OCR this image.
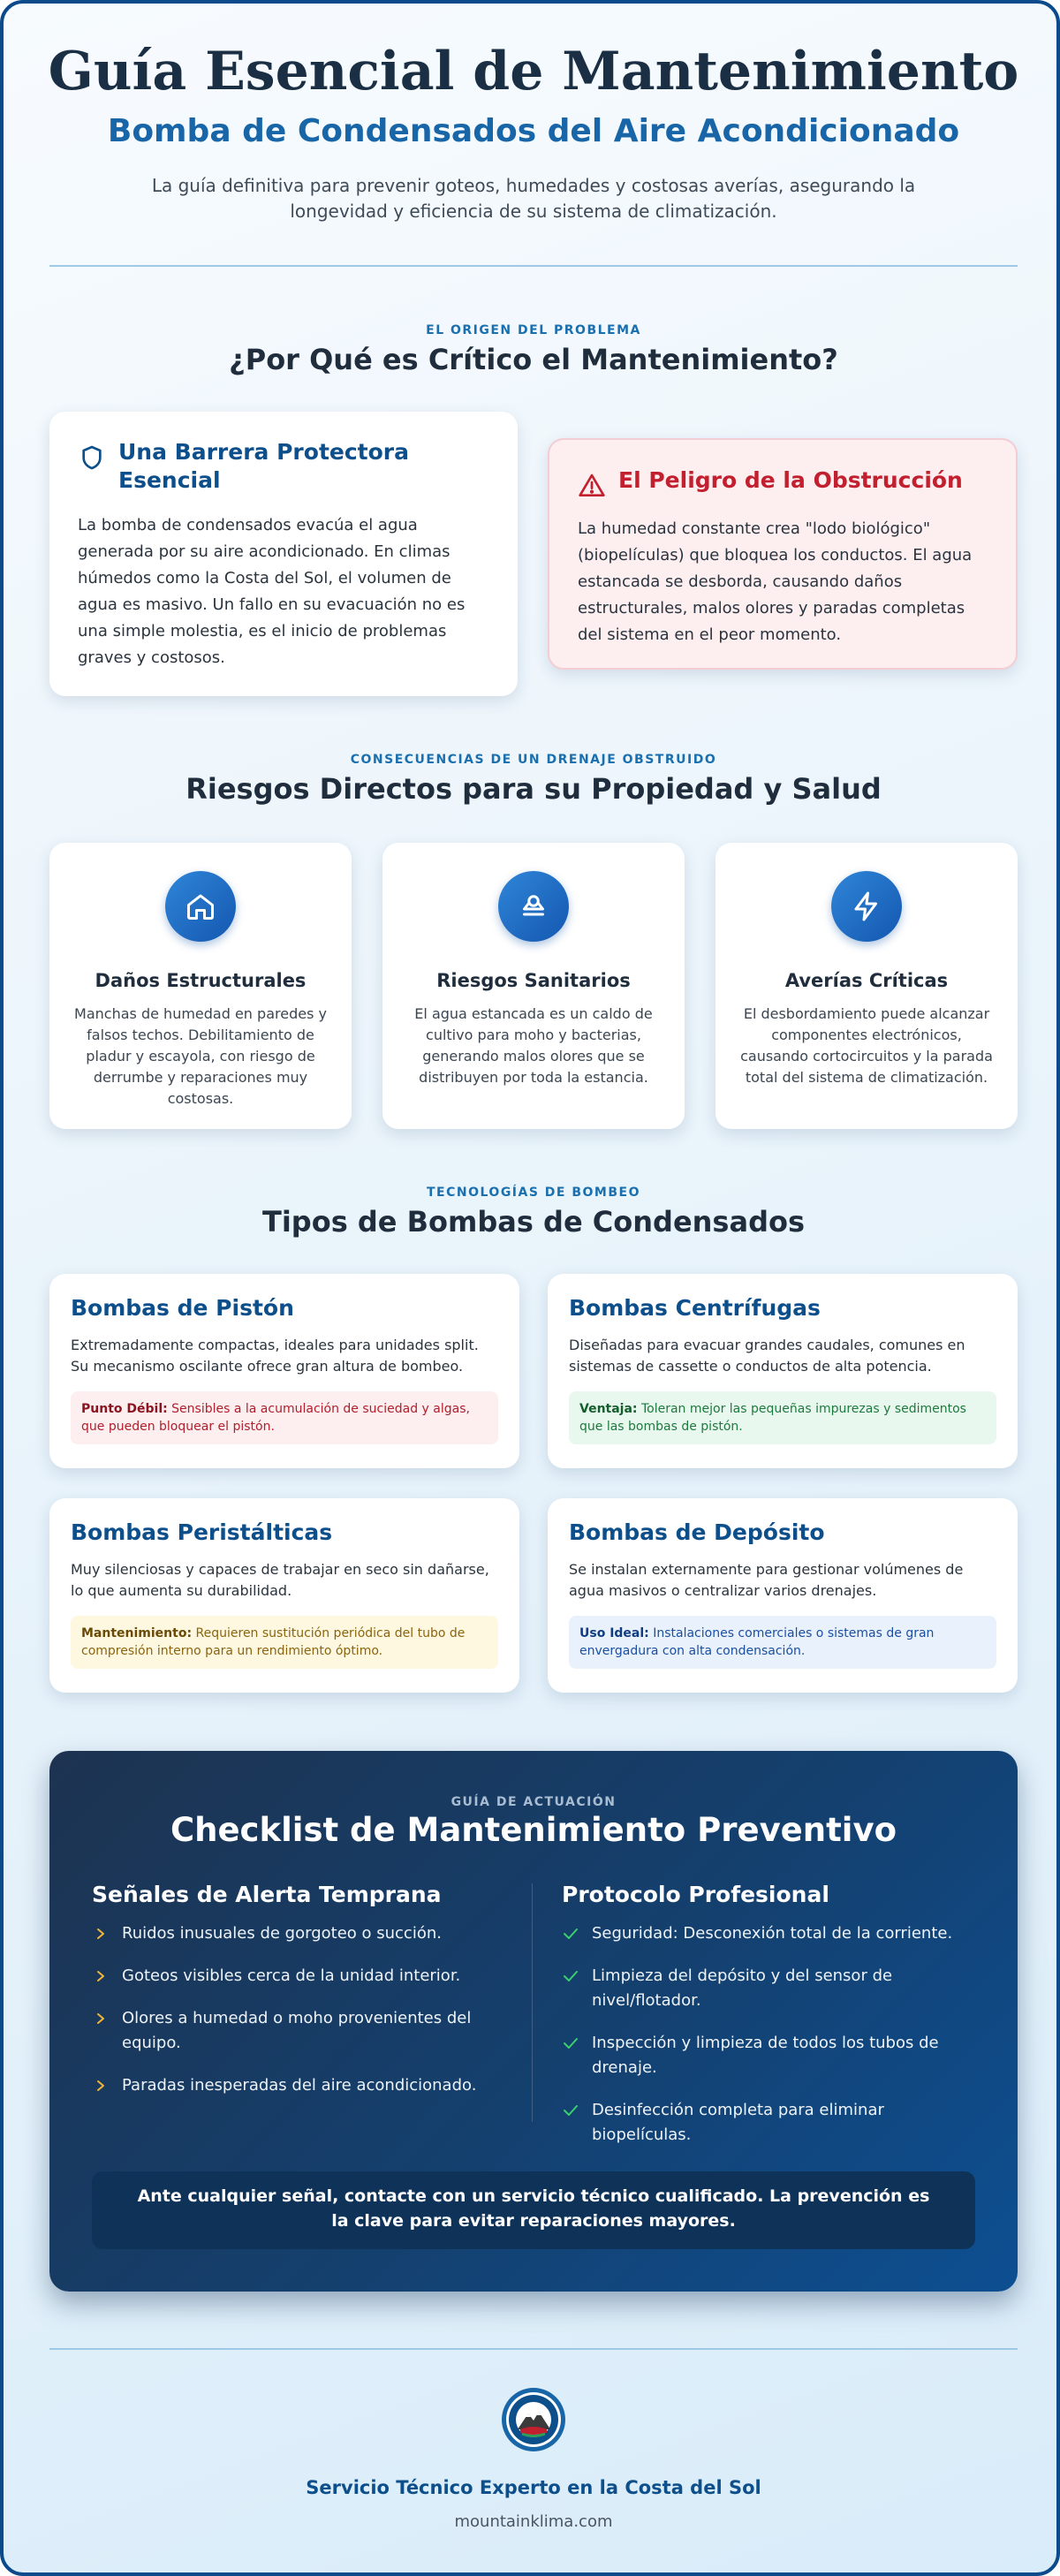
Guía Esencial de Mantenimiento
Bomba de Condensados del Aire Acondicionado

La guía definitiva para prevenir goteos, humedades y costosas averías, asegurando la longevidad y eficiencia de su sistema de climatización.

EL ORIGEN DEL PROBLEMA
¿Por Qué es Crítico el Mantenimiento?
Una Barrera Protectora Esencial

La bomba de condensados evacúa el agua generada por su aire acondicionado. En climas húmedos como la Costa del Sol, el volumen de agua es masivo. Un fallo en su evacuación no es una simple molestia, es el inicio de problemas graves y costosos.

El Peligro de la Obstrucción

La humedad constante crea "lodo biológico" (biopelículas) que bloquea los conductos. El agua estancada se desborda, causando daños estructurales, malos olores y paradas completas del sistema en el peor momento.

CONSECUENCIAS DE UN DRENAJE OBSTRUIDO
Riesgos Directos para su Propiedad y Salud
Daños Estructurales

Manchas de humedad en paredes y falsos techos. Debilitamiento de pladur y escayola, con riesgo de derrumbe y reparaciones muy costosas.

Riesgos Sanitarios

El agua estancada es un caldo de cultivo para moho y bacterias, generando malos olores que se distribuyen por toda la estancia.

Averías Críticas

El desbordamiento puede alcanzar componentes electrónicos, causando cortocircuitos y la parada total del sistema de climatización.

TECNOLOGÍAS DE BOMBEO
Tipos de Bombas de Condensados
Bombas de Pistón

Extremadamente compactas, ideales para unidades split. Su mecanismo oscilante ofrece gran altura de bombeo.

Punto Débil: Sensibles a la acumulación de suciedad y algas, que pueden bloquear el pistón.
Bombas Centrífugas

Diseñadas para evacuar grandes caudales, comunes en sistemas de cassette o conductos de alta potencia.

Ventaja: Toleran mejor las pequeñas impurezas y sedimentos que las bombas de pistón.
Bombas Peristálticas

Muy silenciosas y capaces de trabajar en seco sin dañarse, lo que aumenta su durabilidad.

Mantenimiento: Requieren sustitución periódica del tubo de compresión interno para un rendimiento óptimo.
Bombas de Depósito

Se instalan externamente para gestionar volúmenes de agua masivos o centralizar varios drenajes.

Uso Ideal: Instalaciones comerciales o sistemas de gran envergadura con alta condensación.
GUÍA DE ACTUACIÓN
Checklist de Mantenimiento Preventivo
Señales de Alerta Temprana
Ruidos inusuales de gorgoteo o succión.
Goteos visibles cerca de la unidad interior.
Olores a humedad o moho provenientes del equipo.
Paradas inesperadas del aire acondicionado.
Protocolo Profesional
Seguridad: Desconexión total de la corriente.
Limpieza del depósito y del sensor de nivel/flotador.
Inspección y limpieza de todos los tubos de drenaje.
Desinfección completa para eliminar biopelículas.
Ante cualquier señal, contacte con un servicio técnico cualificado. La prevención es la clave para evitar reparaciones mayores.
Servicio Técnico Experto en la Costa del Sol
mountainklima.com
